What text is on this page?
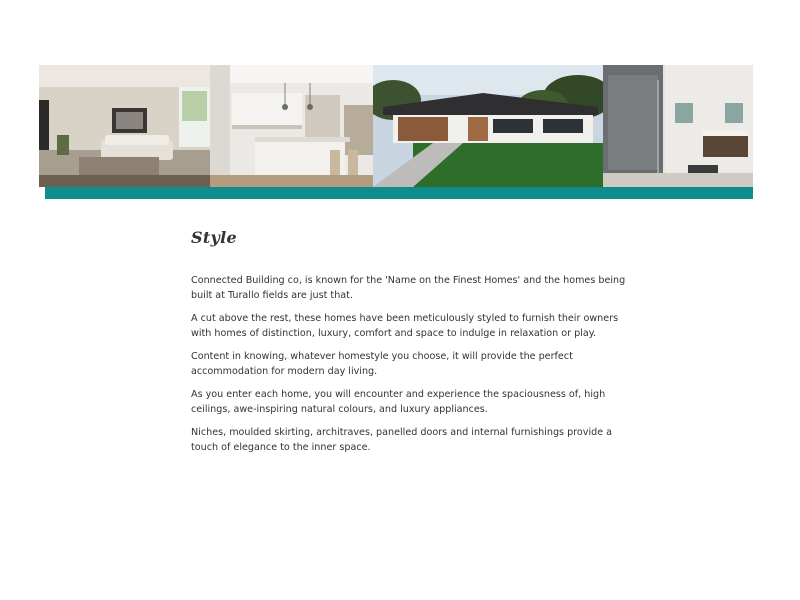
Style

Connected Building co, is known for the 'Name on the Finest Homes' and the homes being built at Turallo fields are just that.

A cut above the rest, these homes have been meticulously styled to furnish their owners with homes of distinction, luxury, comfort and space to indulge in relaxation or play.

Content in knowing, whatever homestyle you choose, it will provide the perfect accommodation for modern day living.

As you enter each home, you will encounter and experience the spaciousness of, high ceilings, awe-inspiring natural colours, and luxury appliances.

Niches, moulded skirting, architraves, panelled doors and internal furnishings provide a touch of elegance to the inner space.
